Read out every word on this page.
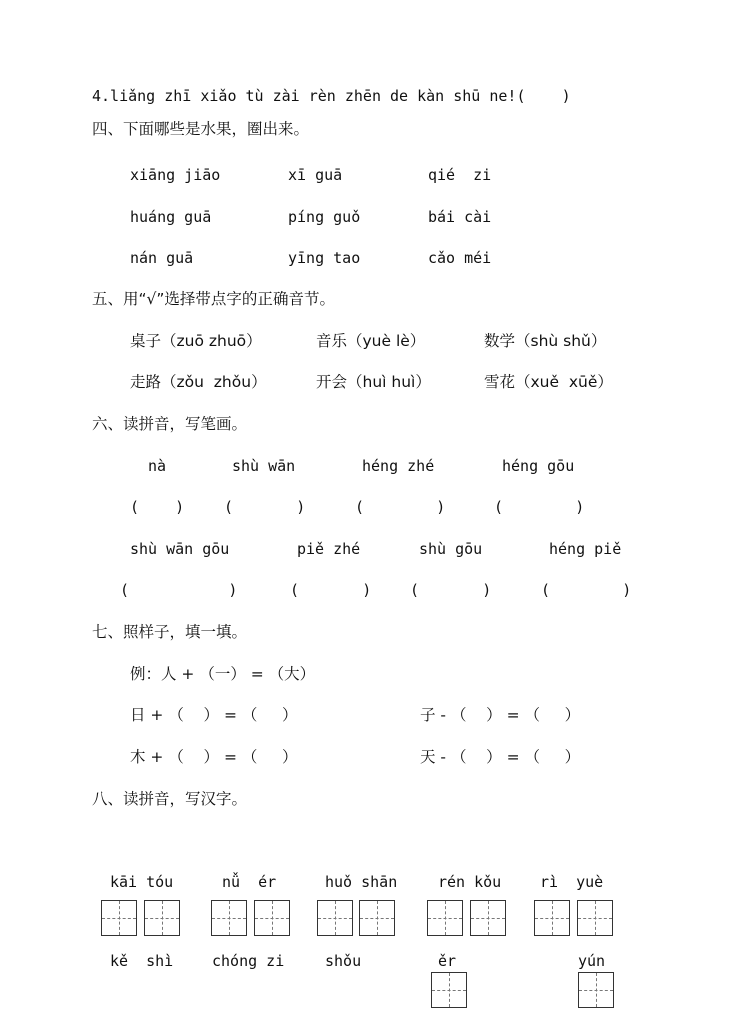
4.liǎng zhī xiǎo tù zài rèn zhēn de kàn shū ne!(    )
四、下面哪些是水果，圈出来。
xiāng jiāo	xī guā	qié  zi
huáng guā	píng guǒ	bái cài
nán guā	yīng tao	cǎo méi
五、用“√”选择带点字的正确音节。
桌子（zuō zhuō）	音乐（yuè lè）	数学（shù shǔ）
走路（zǒu  zhǒu）	开会（huì huì）	雪花（xuě  xūě）
六、读拼音，写笔画。
nà	shù wān	héng zhé	héng gōu
(    )	(       )	(        )	(        )
shù wān gōu	piě zhé	shù gōu	héng piě
(           )	(       )	(       )	(        )
七、照样子，填一填。
例：人 + （一） = （大）
日 + （    ） = （     ）	子 - （    ） = （     ）
木 + （    ） = （     ）	天 - （    ） = （     ）
八、读拼音，写汉字。
kāi tóu	nǚ  ér	huǒ shān	rén kǒu	rì  yuè
kě  shì	chóng zi	shǒu	ěr	yún
